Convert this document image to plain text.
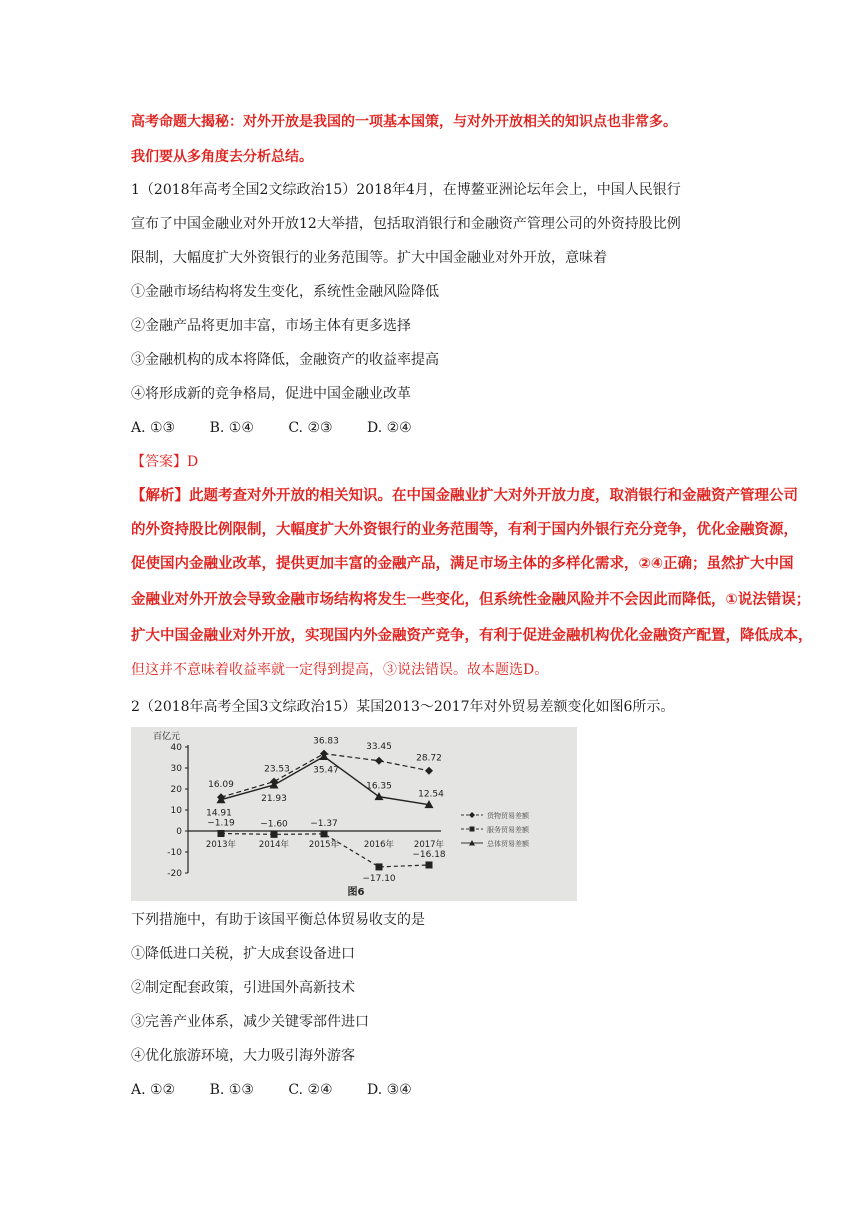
高考命题大揭秘：对外开放是我国的一项基本国策，与对外开放相关的知识点也非常多。
我们要从多角度去分析总结。
1（2018年高考全国2文综政治15）2018年4月，在博鳌亚洲论坛年会上，中国人民银行
宣布了中国金融业对外开放12大举措，包括取消银行和金融资产管理公司的外资持股比例
限制，大幅度扩大外资银行的业务范围等。扩大中国金融业对外开放，意味着
①金融市场结构将发生变化，系统性金融风险降低
②金融产品将更加丰富，市场主体有更多选择
③金融机构的成本将降低，金融资产的收益率提高
④将形成新的竞争格局，促进中国金融业改革
A. ①③ B. ①④ C. ②③ D. ②④
【答案】D
【解析】此题考查对外开放的相关知识。在中国金融业扩大对外开放力度，取消银行和金融资产管理公司
的外资持股比例限制，大幅度扩大外资银行的业务范围等，有利于国内外银行充分竞争，优化金融资源，
促使国内金融业改革，提供更加丰富的金融产品，满足市场主体的多样化需求，②④正确；虽然扩大中国
金融业对外开放会导致金融市场结构将发生一些变化，但系统性金融风险并不会因此而降低，①说法错误；
扩大中国金融业对外开放，实现国内外金融资产竞争，有利于促进金融机构优化金融资产配置，降低成本，
但这并不意味着收益率就一定得到提高，③说法错误。故本题选D。
2（2018年高考全国3文综政治15）某国2013～2017年对外贸易差额变化如图6所示。
百亿元
-20
-10
0
10
20
30
40
2013年	2014年 2015年	2016年 2017年
16.09
23.53
36.83
33.45
28.72
−1.19	−1.60 −1.37
−17.10
−16.18
14.91
21.93
35.47
16.35
12.54
货物贸易差额
服务贸易差额
总体贸易差额
图6
下列措施中，有助于该国平衡总体贸易收支的是
①降低进口关税，扩大成套设备进口
②制定配套政策，引进国外高新技术
③完善产业体系，减少关键零部件进口
④优化旅游环境，大力吸引海外游客
A. ①② B. ①③ C. ②④ D. ③④
